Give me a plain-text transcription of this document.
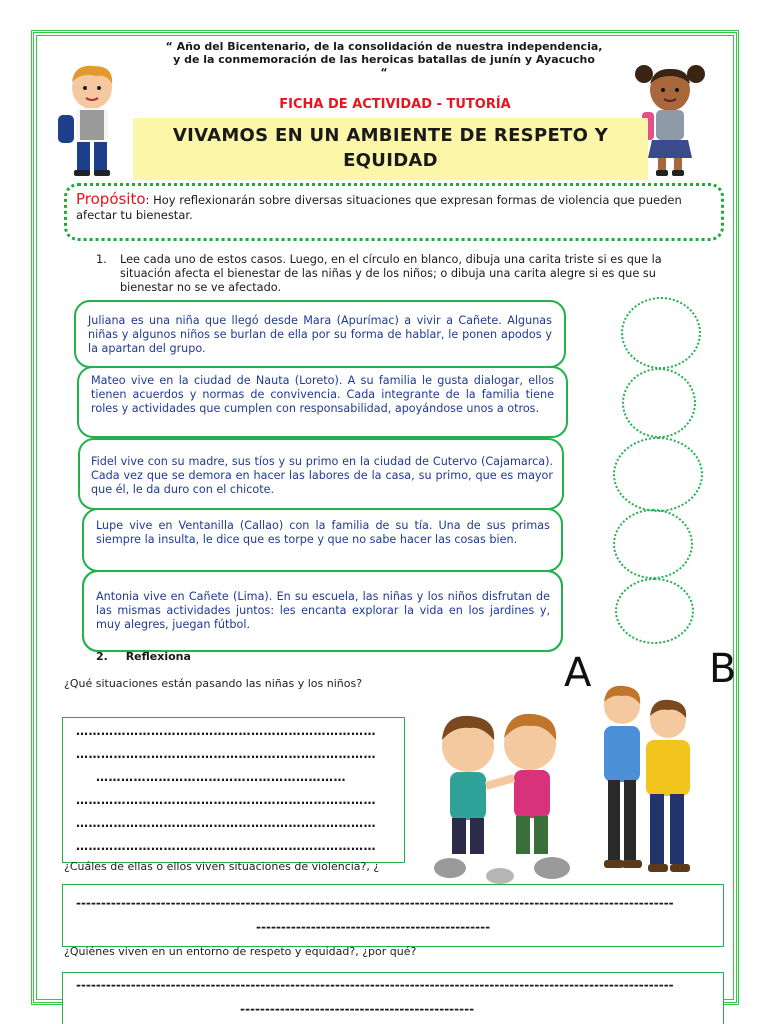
“ Año del Bicentenario, de la consolidación de nuestra independencia,
y de la conmemoración de las heroicas batallas de junín y Ayacucho
“
FICHA DE ACTIVIDAD - TUTORÍA
VIVAMOS EN UN AMBIENTE DE RESPETO Y
EQUIDAD
Propósito: Hoy reflexionarán sobre diversas situaciones que expresan formas de violencia que pueden afectar tu bienestar.
1.	Lee cada uno de estos casos. Luego, en el círculo en blanco, dibuja una carita triste si es que la situación afecta el bienestar de las niñas y de los niños; o dibuja una carita alegre si es que su bienestar no se ve afectado.
Juliana es una niña que llegó desde Mara (Apurímac) a vivir a Cañete. Algunas niñas y algunos niños se burlan de ella por su forma de hablar, le ponen apodos y la apartan del grupo.
Mateo vive en la ciudad de Nauta (Loreto). A su familia le gusta dialogar, ellos tienen acuerdos y normas de convivencia. Cada integrante de la familia tiene roles y actividades que cumplen con responsabilidad, apoyándose unos a otros.
Fidel vive con su madre, sus tíos y su primo en la ciudad de Cutervo (Cajamarca). Cada vez que se demora en hacer las labores de la casa, su primo, que es mayor que él, le da duro con el chicote.
Lupe vive en Ventanilla (Callao) con la familia de su tía. Una de sus primas siempre la insulta, le dice que es torpe y que no sabe hacer las cosas bien.
Antonia vive en Cañete (Lima). En su escuela, las niñas y los niños disfrutan de las mismas actividades juntos: les encanta explorar la vida en los jardines y, muy alegres, juegan fútbol.
2. Reflexiona
¿Qué situaciones están pasando las niñas y los niños?
………………………………………………………………
………………………………………………………………
……………………………………………………
………………………………………………………………
………………………………………………………………
………………………………………………………………
A	B
¿Cuáles de ellas o ellos viven situaciones de violencia?, ¿
------------------------------------------------------------------------------------------------------------------------
-----------------------------------------------
¿Quiénes viven en un entorno de respeto y equidad?, ¿por qué?
------------------------------------------------------------------------------------------------------------------------
-----------------------------------------------
